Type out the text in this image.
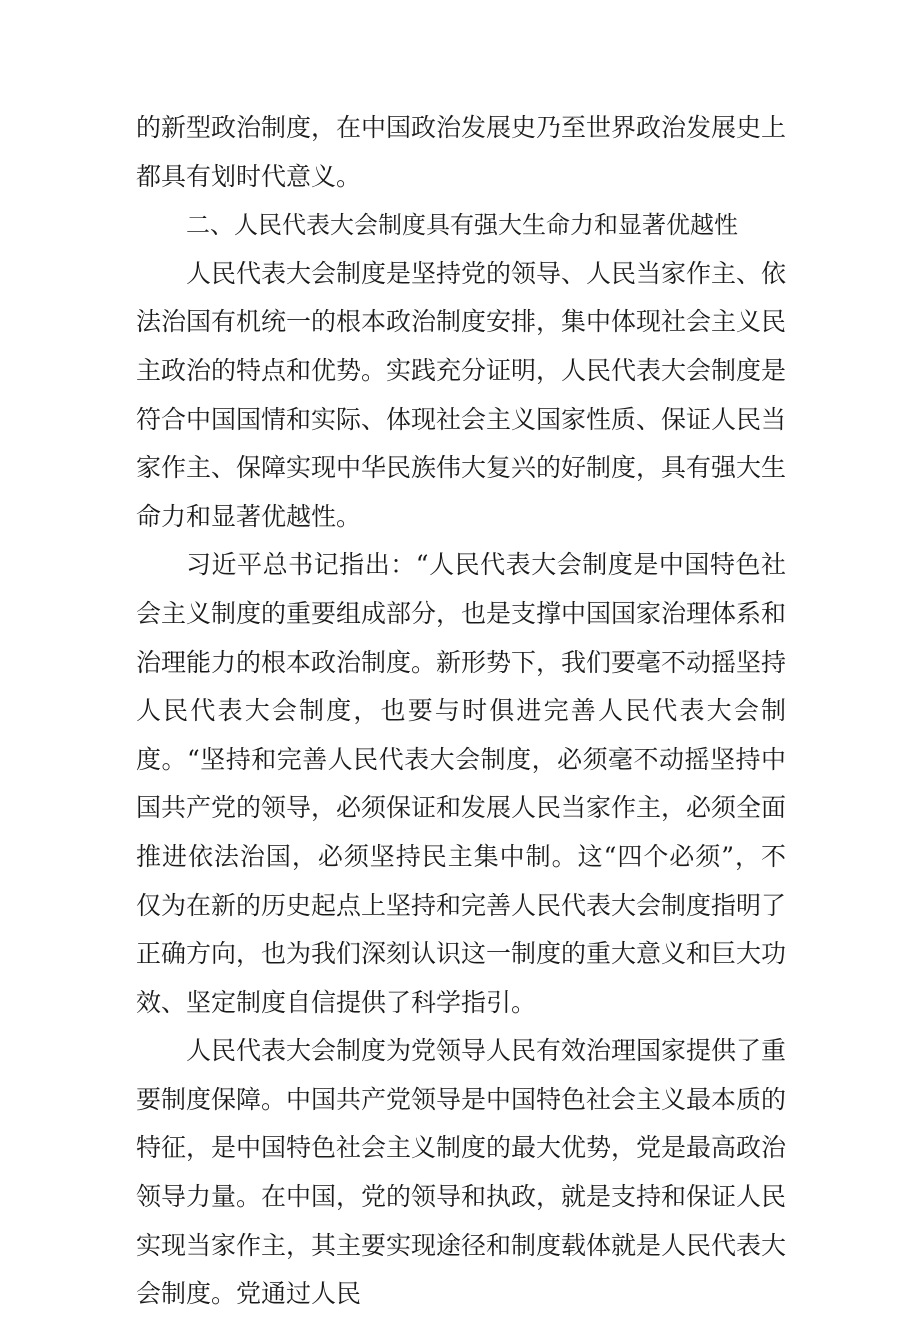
的新型政治制度，在中国政治发展史乃至世界政治发展史上都具有划时代意义。

二、人民代表大会制度具有强大生命力和显著优越性

人民代表大会制度是坚持党的领导、人民当家作主、依法治国有机统一的根本政治制度安排，集中体现社会主义民主政治的特点和优势。实践充分证明，人民代表大会制度是符合中国国情和实际、体现社会主义国家性质、保证人民当家作主、保障实现中华民族伟大复兴的好制度，具有强大生命力和显著优越性。

习近平总书记指出：“人民代表大会制度是中国特色社会主义制度的重要组成部分，也是支撑中国国家治理体系和治理能力的根本政治制度。新形势下，我们要毫不动摇坚持人民代表大会制度，也要与时俱进完善人民代表大会制度。“坚持和完善人民代表大会制度，必须毫不动摇坚持中国共产党的领导，必须保证和发展人民当家作主，必须全面推进依法治国，必须坚持民主集中制。这“四个必须”，不仅为在新的历史起点上坚持和完善人民代表大会制度指明了正确方向，也为我们深刻认识这一制度的重大意义和巨大功效、坚定制度自信提供了科学指引。

人民代表大会制度为党领导人民有效治理国家提供了重要制度保障。中国共产党领导是中国特色社会主义最本质的特征，是中国特色社会主义制度的最大优势，党是最高政治领导力量。在中国，党的领导和执政，就是支持和保证人民实现当家作主，其主要实现途径和制度载体就是人民代表大会制度。党通过人民
